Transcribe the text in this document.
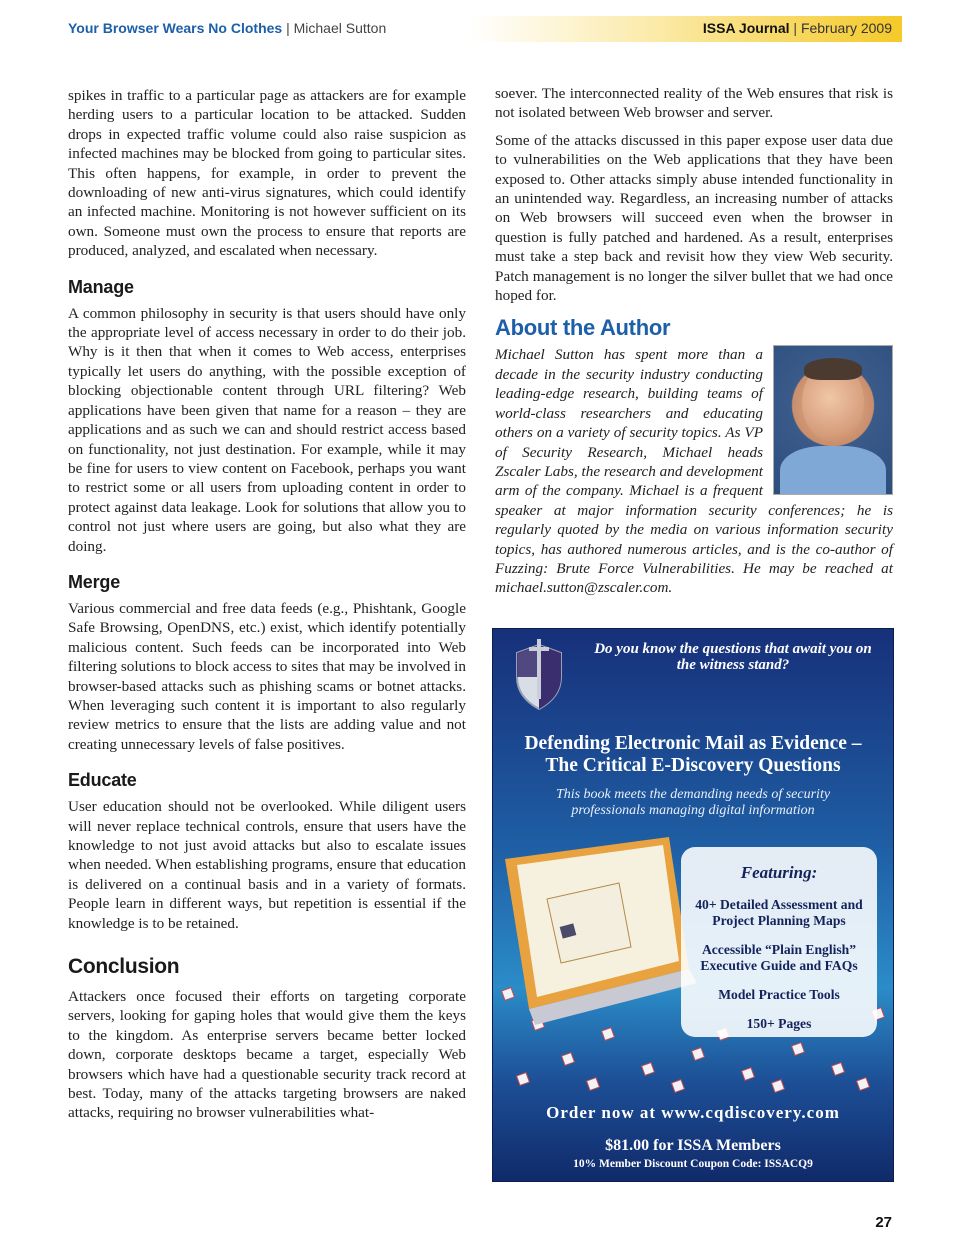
Your Browser Wears No Clothes | Michael Sutton	ISSA Journal | February 2009

spikes in traffic to a particular page as attackers are for example herding users to a particular location to be attacked. Sudden drops in expected traffic volume could also raise suspicion as infected machines may be blocked from going to particular sites. This often happens, for example, in order to prevent the downloading of new anti-virus signatures, which could identify an infected machine. Monitoring is not however sufficient on its own. Someone must own the process to ensure that reports are produced, analyzed, and escalated when necessary.

Manage

A common philosophy in security is that users should have only the appropriate level of access necessary in order to do their job. Why is it then that when it comes to Web access, enterprises typically let users do anything, with the possible exception of blocking objectionable content through URL filtering? Web applications have been given that name for a reason – they are applications and as such we can and should restrict access based on functionality, not just destination. For example, while it may be fine for users to view content on Facebook, perhaps you want to restrict some or all users from uploading content in order to protect against data leakage. Look for solutions that allow you to control not just where users are going, but also what they are doing.

Merge

Various commercial and free data feeds (e.g., Phishtank, Google Safe Browsing, OpenDNS, etc.) exist, which identify potentially malicious content. Such feeds can be incorporated into Web filtering solutions to block access to sites that may be involved in browser-based attacks such as phishing scams or botnet attacks. When leveraging such content it is important to also regularly review metrics to ensure that the lists are adding value and not creating unnecessary levels of false positives.

Educate

User education should not be overlooked. While diligent users will never replace technical controls, ensure that users have the knowledge to not just avoid attacks but also to escalate issues when needed. When establishing programs, ensure that education is delivered on a continual basis and in a variety of formats. People learn in different ways, but repetition is essential if the knowledge is to be retained.

Conclusion

Attackers once focused their efforts on targeting corporate servers, looking for gaping holes that would give them the keys to the kingdom. As enterprise servers became better locked down, corporate desktops became a target, especially Web browsers which have had a questionable security track record at best. Today, many of the attacks targeting browsers are naked attacks, requiring no browser vulnerabilities what-

soever. The interconnected reality of the Web ensures that risk is not isolated between Web browser and server.

Some of the attacks discussed in this paper expose user data due to vulnerabilities on the Web applications that they have been exposed to. Other attacks simply abuse intended functionality in an unintended way. Regardless, an increasing number of attacks on Web browsers will succeed even when the browser in question is fully patched and hardened. As a result, enterprises must take a step back and revisit how they view Web security. Patch management is no longer the silver bullet that we had once hoped for.

About the Author

Michael Sutton has spent more than a decade in the security industry conducting leading-edge research, building teams of world-class researchers and educating others on a variety of security topics. As VP of Security Research, Michael heads Zscaler Labs, the research and development arm of the company. Michael is a frequent speaker at major information security conferences; he is regularly quoted by the media on various information security topics, has authored numerous articles, and is the co-author of Fuzzing: Brute Force Vulnerabilities. He may be reached at michael.sutton@zscaler.com.

Do you know the questions that await you on the witness stand?
Defending Electronic Mail as Evidence –
The Critical E-Discovery Questions
This book meets the demanding needs of security
professionals managing digital information
Featuring:
40+ Detailed Assessment and Project Planning Maps
Accessible “Plain English” Executive Guide and FAQs
Model Practice Tools
150+ Pages
Order now at www.cqdiscovery.com
$81.00 for ISSA Members
10% Member Discount Coupon Code: ISSACQ9
27
